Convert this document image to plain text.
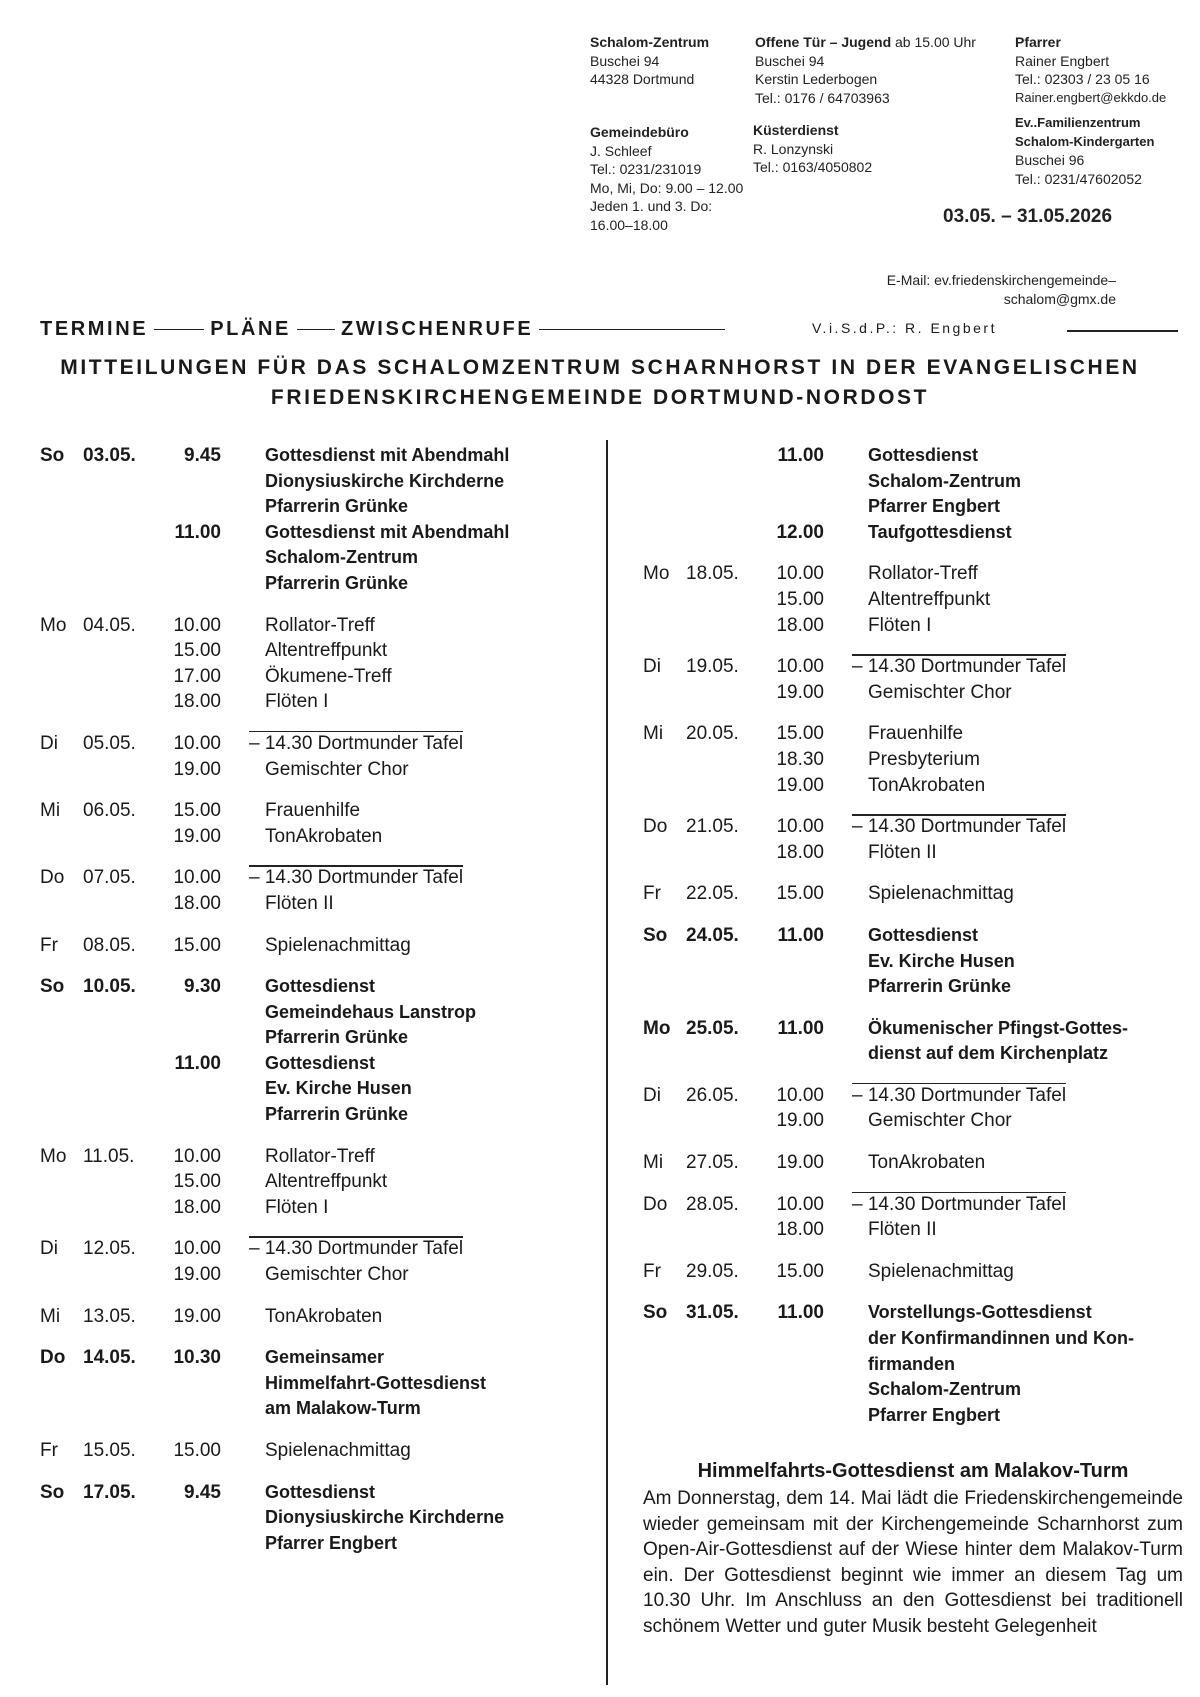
Schalom-Zentrum
Buschei 94
44328 Dortmund
Offene Tür – Jugend ab 15.00 Uhr
Buschei 94
Kerstin Lederbogen
Tel.: 0176 / 64703963
Pfarrer
Rainer Engbert
Tel.: 02303 / 23 05 16
Rainer.engbert@ekkdo.de
Gemeindebüro
J. Schleef
Tel.: 0231/231019
Mo, Mi, Do: 9.00 – 12.00
Jeden 1. und 3. Do:
16.00–18.00
Küsterdienst
R. Lonzynski
Tel.: 0163/4050802
Ev..Familienzentrum
Schalom-Kindergarten
Buschei 96
Tel.: 0231/47602052
03.05. – 31.05.2026
E-Mail: ev.friedenskirchengemeinde–
schalom@gmx.de
TERMINE	PLÄNE	ZWISCHENRUFE	V.i.S.d.P.: R. Engbert
MITTEILUNGEN FÜR DAS SCHALOMZENTRUM SCHARNHORST IN DER EVANGELISCHEN
FRIEDENSKIRCHENGEMEINDE DORTMUND-NORDOST
So 03.05.	9.45 Gottesdienst mit Abendmahl
Dionysiuskirche Kirchderne
Pfarrerin Grünke
11.00 Gottesdienst mit Abendmahl
Schalom-Zentrum
Pfarrerin Grünke
Mo 04.05.	10.00 Rollator-Treff
15.00 Altentreffpunkt
17.00 Ökumene-Treff
18.00 Flöten I
Di 05.05.	10.00 – 14.30 Dortmunder Tafel
19.00 Gemischter Chor
Mi 06.05.	15.00 Frauenhilfe
19.00 TonAkrobaten
Do 07.05.	10.00 – 14.30 Dortmunder Tafel
18.00 Flöten II
Fr 08.05.	15.00 Spielenachmittag
So 10.05.	9.30 Gottesdienst
Gemeindehaus Lanstrop
Pfarrerin Grünke
11.00 Gottesdienst
Ev. Kirche Husen
Pfarrerin Grünke
Mo 11.05.	10.00 Rollator-Treff
15.00 Altentreffpunkt
18.00 Flöten I
Di 12.05.	10.00 – 14.30 Dortmunder Tafel
19.00 Gemischter Chor
Mi 13.05.	19.00 TonAkrobaten
Do 14.05.	10.30 Gemeinsamer
Himmelfahrt-Gottesdienst
am Malakow-Turm
Fr 15.05.	15.00 Spielenachmittag
So 17.05.	9.45 Gottesdienst
Dionysiuskirche Kirchderne
Pfarrer Engbert
11.00 Gottesdienst
Schalom-Zentrum
Pfarrer Engbert
12.00 Taufgottesdienst
Mo 18.05.	10.00 Rollator-Treff
15.00 Altentreffpunkt
18.00 Flöten I
Di 19.05.	10.00 – 14.30 Dortmunder Tafel
19.00 Gemischter Chor
Mi 20.05.	15.00 Frauenhilfe
18.30 Presbyterium
19.00 TonAkrobaten
Do 21.05.	10.00 – 14.30 Dortmunder Tafel
18.00 Flöten II
Fr 22.05.	15.00 Spielenachmittag
So 24.05.	11.00 Gottesdienst
Ev. Kirche Husen
Pfarrerin Grünke
Mo 25.05.	11.00 Ökumenischer Pfingst-Gottes-
dienst auf dem Kirchenplatz
Di 26.05.	10.00 – 14.30 Dortmunder Tafel
19.00 Gemischter Chor
Mi 27.05.	19.00 TonAkrobaten
Do 28.05.	10.00 – 14.30 Dortmunder Tafel
18.00 Flöten II
Fr 29.05.	15.00 Spielenachmittag
So 31.05.	11.00 Vorstellungs-Gottesdienst
der Konfirmandinnen und Kon-
firmanden
Schalom-Zentrum
Pfarrer Engbert
Himmelfahrts-Gottesdienst am Malakov-Turm

Am Donnerstag, dem 14. Mai lädt die Friedenskirchengemeinde wieder gemeinsam mit der Kirchengemeinde Scharnhorst zum Open-Air-Gottesdienst auf der Wiese hinter dem Malakov-Turm ein. Der Gottesdienst beginnt wie immer an diesem Tag um 10.30 Uhr. Im Anschluss an den Gottesdienst bei traditionell schönem Wetter und guter Musik besteht Gelegenheit
